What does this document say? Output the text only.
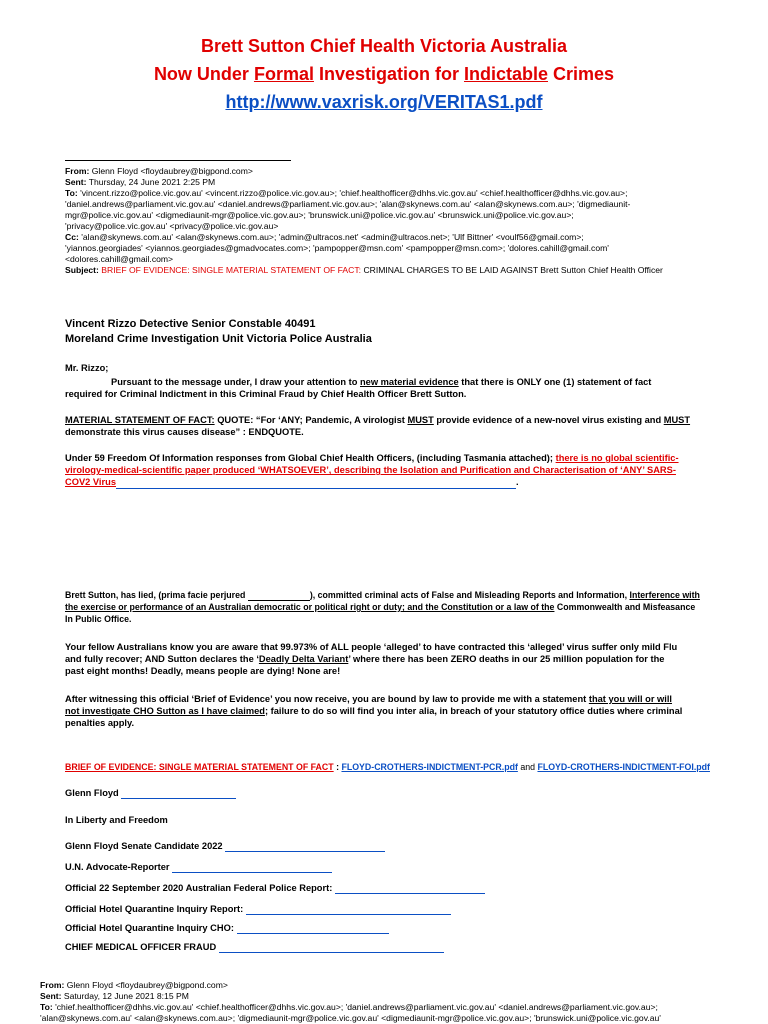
Brett Sutton Chief Health Victoria Australia
Now Under Formal Investigation for Indictable Crimes
http://www.vaxrisk.org/VERITAS1.pdf
From: Glenn Floyd <floydaubrey@bigpond.com>
Sent: Thursday, 24 June 2021 2:25 PM
To: 'vincent.rizzo@police.vic.gov.au' <vincent.rizzo@police.vic.gov.au>; 'chief.healthofficer@dhhs.vic.gov.au' <chief.healthofficer@dhhs.vic.gov.au>;
'daniel.andrews@parliament.vic.gov.au' <daniel.andrews@parliament.vic.gov.au>; 'alan@skynews.com.au' <alan@skynews.com.au>; 'digmediaunit-
mgr@police.vic.gov.au' <digmediaunit-mgr@police.vic.gov.au>; 'brunswick.uni@police.vic.gov.au' <brunswick.uni@police.vic.gov.au>;
'privacy@police.vic.gov.au' <privacy@police.vic.gov.au>
Cc: 'alan@skynews.com.au' <alan@skynews.com.au>; 'admin@ultracos.net' <admin@ultracos.net>; 'Ulf Bittner' <voulf56@gmail.com>;
'yiannos.georgiades' <yiannos.georgiades@gmadvocates.com>; 'pampopper@msn.com' <pampopper@msn.com>; 'dolores.cahill@gmail.com'
<dolores.cahill@gmail.com>
Subject: BRIEF OF EVIDENCE: SINGLE MATERIAL STATEMENT OF FACT: CRIMINAL CHARGES TO BE LAID AGAINST Brett Sutton Chief Health Officer
Vincent Rizzo Detective Senior Constable 40491
Moreland Crime Investigation Unit Victoria Police Australia
Mr. Rizzo;
Pursuant to the message under, I draw your attention to new material evidence that there is ONLY one (1) statement of fact
required for Criminal Indictment in this Criminal Fraud by Chief Health Officer Brett Sutton.
MATERIAL STATEMENT OF FACT: QUOTE: “For ‘ANY; Pandemic, A virologist MUST provide evidence of a new-novel virus existing and MUST
demonstrate this virus causes disease” : ENDQUOTE.
Under 59 Freedom Of Information responses from Global Chief Health Officers, (including Tasmania attached); there is no global scientific-
virology-medical-scientific paper produced ‘WHATSOEVER’, describing the Isolation and Purification and Characterisation of ‘ANY’ SARS-
COV2 Virus	.
Brett Sutton, has lied, (prima facie perjured	), committed criminal acts of False and Misleading Reports and Information, Interference with
the exercise or performance of an Australian democratic or political right or duty; and the Constitution or a law of the Commonwealth and Misfeasance
In Public Office.
Your fellow Australians know you are aware that 99.973% of ALL people ‘alleged’ to have contracted this ‘alleged’ virus suffer only mild Flu
and fully recover; AND Sutton declares the ‘Deadly Delta Variant’ where there has been ZERO deaths in our 25 million population for the
past eight months! Deadly, means people are dying! None are!
After witnessing this official ‘Brief of Evidence’ you now receive, you are bound by law to provide me with a statement that you will or will
not investigate CHO Sutton as I have claimed; failure to do so will find you inter alia, in breach of your statutory office duties where criminal
penalties apply.
BRIEF OF EVIDENCE: SINGLE MATERIAL STATEMENT OF FACT : FLOYD-CROTHERS-INDICTMENT-PCR.pdf and FLOYD-CROTHERS-INDICTMENT-FOI.pdf
Glenn Floyd
In Liberty and Freedom
Glenn Floyd Senate Candidate 2022
U.N. Advocate-Reporter
Official 22 September 2020 Australian Federal Police Report:
Official Hotel Quarantine Inquiry Report:
Official Hotel Quarantine Inquiry CHO:
CHIEF MEDICAL OFFICER FRAUD
From: Glenn Floyd <floydaubrey@bigpond.com>
Sent: Saturday, 12 June 2021 8:15 PM
To: 'chief.healthofficer@dhhs.vic.gov.au' <chief.healthofficer@dhhs.vic.gov.au>; 'daniel.andrews@parliament.vic.gov.au' <daniel.andrews@parliament.vic.gov.au>;
'alan@skynews.com.au' <alan@skynews.com.au>; 'digmediaunit-mgr@police.vic.gov.au' <digmediaunit-mgr@police.vic.gov.au>; 'brunswick.uni@police.vic.gov.au'
